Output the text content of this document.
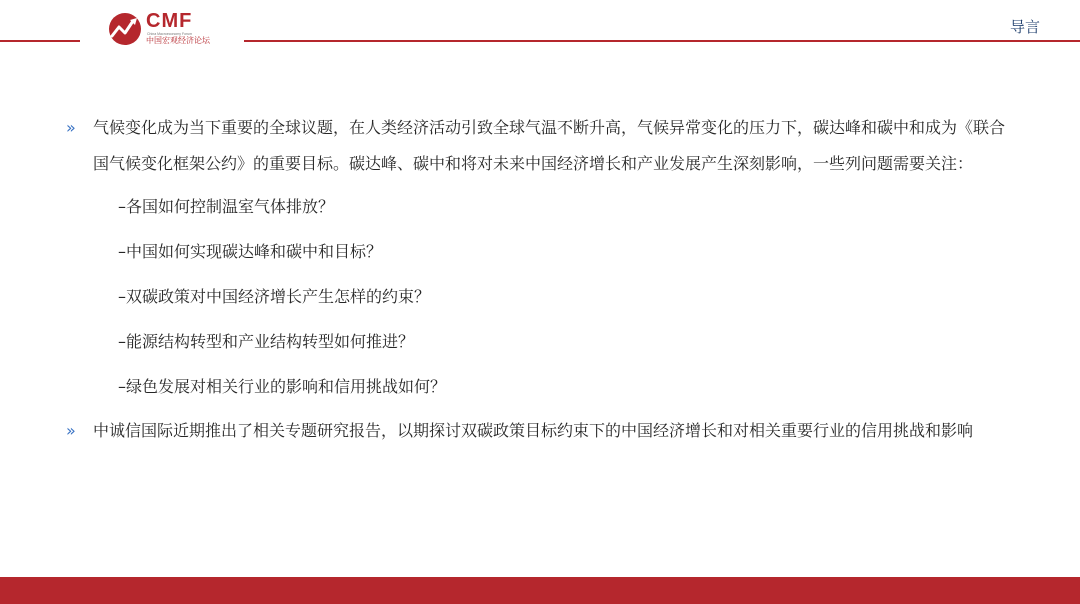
CMF
China Macroeconomy Forum
中国宏观经济论坛
导言
» 气候变化成为当下重要的全球议题，在人类经济活动引致全球气温不断升高，气候异常变化的压力下，碳达峰和碳中和成为《联合国气候变化框架公约》的重要目标。碳达峰、碳中和将对未来中国经济增长和产业发展产生深刻影响，一些列问题需要关注：
–各国如何控制温室气体排放？
–中国如何实现碳达峰和碳中和目标？
–双碳政策对中国经济增长产生怎样的约束？
–能源结构转型和产业结构转型如何推进？
–绿色发展对相关行业的影响和信用挑战如何？
» 中诚信国际近期推出了相关专题研究报告，以期探讨双碳政策目标约束下的中国经济增长和对相关重要行业的信用挑战和影响
